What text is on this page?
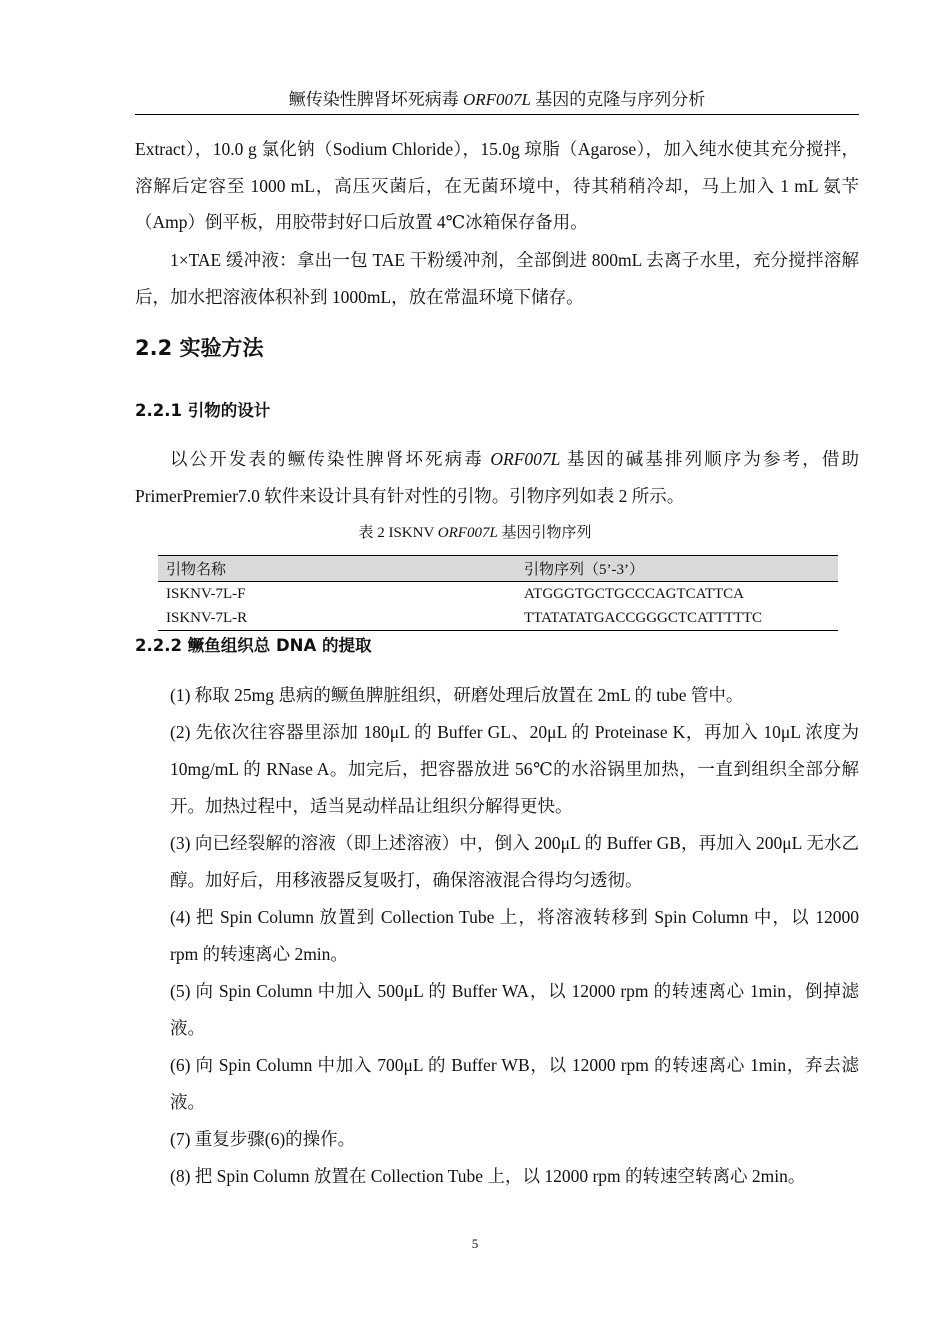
鳜传染性脾肾坏死病毒 ORF007L 基因的克隆与序列分析

Extract），10.0 g 氯化钠（Sodium Chloride），15.0g 琼脂（Agarose），加入纯水使其充分搅拌，溶解后定容至 1000 mL，高压灭菌后，在无菌环境中，待其稍稍冷却，马上加入 1 mL 氨苄（Amp）倒平板，用胶带封好口后放置 4℃冰箱保存备用。

1×TAE 缓冲液：拿出一包 TAE 干粉缓冲剂，全部倒进 800mL 去离子水里，充分搅拌溶解后，加水把溶液体积补到 1000mL，放在常温环境下储存。

2.2 实验方法
2.2.1 引物的设计

以公开发表的鳜传染性脾肾坏死病毒 ORF007L 基因的碱基排列顺序为参考，借助 PrimerPremier7.0 软件来设计具有针对性的引物。引物序列如表 2 所示。

表 2 ISKNV ORF007L 基因引物序列
引物名称	引物序列（5’-3’）
ISKNV-7L-F	ATGGGTGCTGCCCAGTCATTCA
ISKNV-7L-R	TTATATATGACCGGGCTCATTTTTC
2.2.2 鳜鱼组织总 DNA 的提取

(1) 称取 25mg 患病的鳜鱼脾脏组织，研磨处理后放置在 2mL 的 tube 管中。

(2) 先依次往容器里添加 180μL 的 Buffer GL、20μL 的 Proteinase K，再加入 10μL 浓度为 10mg/mL 的 RNase A。加完后，把容器放进 56℃的水浴锅里加热，一直到组织全部分解开。加热过程中，适当晃动样品让组织分解得更快。

(3) 向已经裂解的溶液（即上述溶液）中，倒入 200μL 的 Buffer GB，再加入 200μL 无水乙醇。加好后，用移液器反复吸打，确保溶液混合得均匀透彻。

(4) 把 Spin Column 放置到 Collection Tube 上，将溶液转移到 Spin Column 中，以 12000 rpm 的转速离心 2min。

(5) 向 Spin Column 中加入 500μL 的 Buffer WA，以 12000 rpm 的转速离心 1min，倒掉滤液。

(6) 向 Spin Column 中加入 700μL 的 Buffer WB，以 12000 rpm 的转速离心 1min，弃去滤液。

(7) 重复步骤(6)的操作。

(8) 把 Spin Column 放置在 Collection Tube 上，以 12000 rpm 的转速空转离心 2min。

5
